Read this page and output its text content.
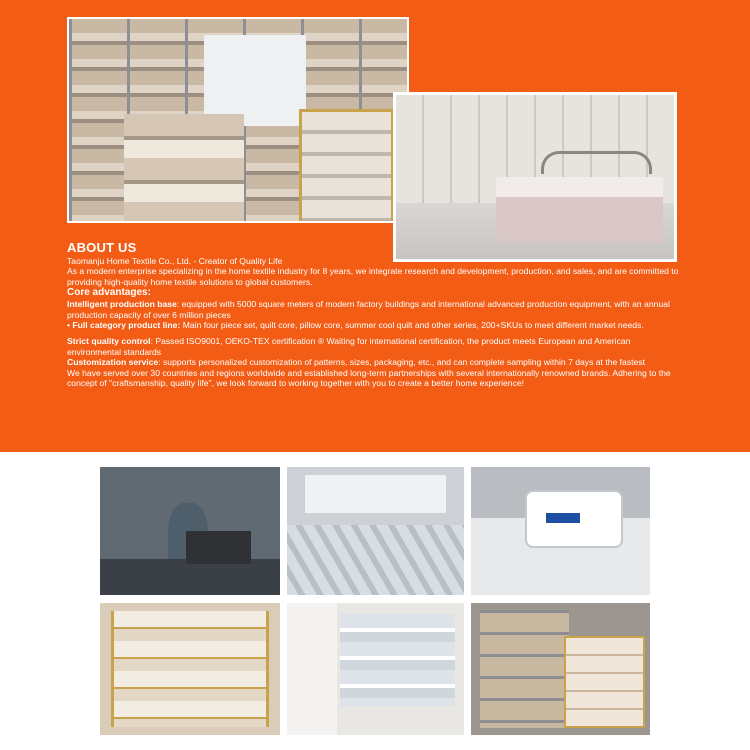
ABOUT US

Taomanju Home Textile Co., Ltd. - Creator of Quality Life

As a modern enterprise specializing in the home textile industry for 8 years, we integrate research and development, production, and sales, and are committed to providing high-quality home textile solutions to global customers.

Core advantages:

Intelligent production base: equipped with 5000 square meters of modern factory buildings and international advanced production equipment, with an annual production capacity of over 6 million pieces

• Full category product line: Main four piece set, quilt core, pillow core, summer cool quilt and other series, 200+SKUs to meet different market needs.

Strict quality control: Passed ISO9001, OEKO-TEX certification ® Waiting for international certification, the product meets European and American environmental standards

Customization service: supports personalized customization of patterns, sizes, packaging, etc., and can complete sampling within 7 days at the fastest

We have served over 30 countries and regions worldwide and established long-term partnerships with several internationally renowned brands. Adhering to the concept of "craftsmanship, quality life", we look forward to working together with you to create a better home experience!
